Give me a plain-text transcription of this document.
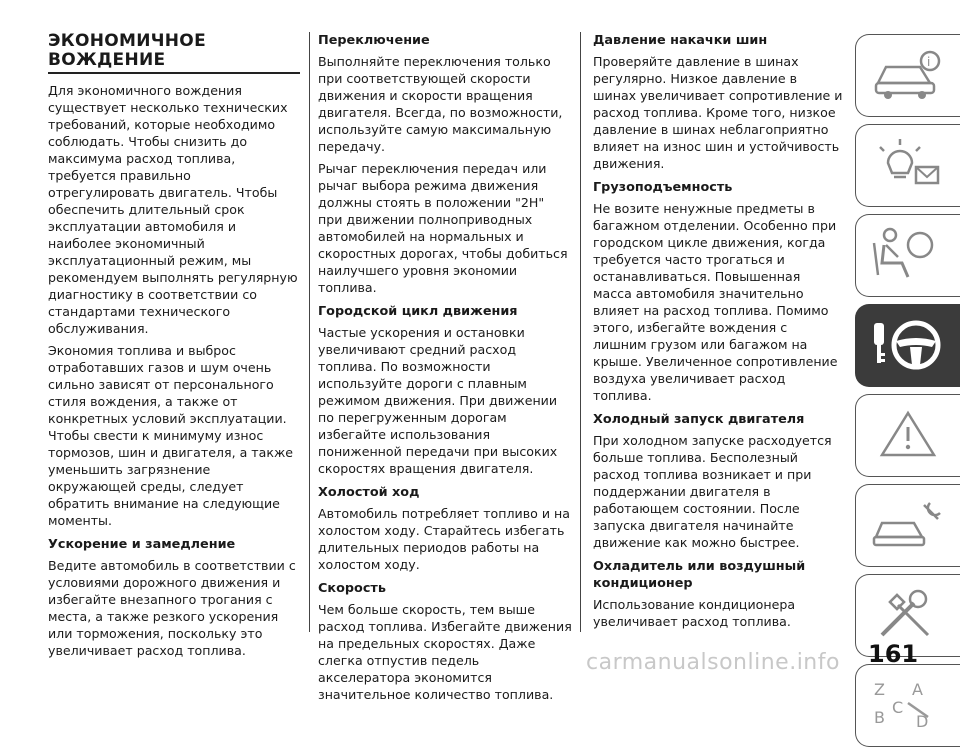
ЭКОНОМИЧНОЕ
ВОЖДЕНИЕ

Для экономичного вождения существует несколько технических требований, которые необходимо соблюдать. Чтобы снизить до максимума расход топлива, требуется правильно отрегулировать двигатель. Чтобы обеспечить длительный срок эксплуатации автомобиля и наиболее экономичный эксплуатационный режим, мы рекомендуем выполнять регулярную диагностику в соответствии со стандартами технического обслуживания.

Экономия топлива и выброс отработавших газов и шум очень сильно зависят от персонального стиля вождения, а также от конкретных условий эксплуатации. Чтобы свести к минимуму износ тормозов, шин и двигателя, а также уменьшить загрязнение окружающей среды, следует обратить внимание на следующие моменты.

Ускорение и замедление

Ведите автомобиль в соответствии с условиями дорожного движения и избегайте внезапного трогания с места, а также резкого ускорения или торможения, поскольку это увеличивает расход топлива.

Переключение

Выполняйте переключения только при соответствующей скорости движения и скорости вращения двигателя. Всегда, по возможности, используйте самую максимальную передачу.

Рычаг переключения передач или рычаг выбора режима движения должны стоять в положении "2H" при движении полноприводных автомобилей на нормальных и скоростных дорогах, чтобы добиться наилучшего уровня экономии топлива.

Городской цикл движения

Частые ускорения и остановки увеличивают средний расход топлива. По возможности используйте дороги с плавным режимом движения. При движении по перегруженным дорогам избегайте использования пониженной передачи при высоких скоростях вращения двигателя.

Холостой ход

Автомобиль потребляет топливо и на холостом ходу. Старайтесь избегать длительных периодов работы на холостом ходу.

Скорость

Чем больше скорость, тем выше расход топлива. Избегайте движения на предельных скоростях. Даже слегка отпустив педель акселератора экономится значительное количество топлива.

Давление накачки шин

Проверяйте давление в шинах регулярно. Низкое давление в шинах увеличивает сопротивление и расход топлива. Кроме того, низкое давление в шинах неблагоприятно влияет на износ шин и устойчивость движения.

Грузоподъемность

Не возите ненужные предметы в багажном отделении. Особенно при городском цикле движения, когда требуется часто трогаться и останавливаться. Повышенная масса автомобиля значительно влияет на расход топлива. Помимо этого, избегайте вождения с лишним грузом или багажом на крыше. Увеличенное сопротивление воздуха увеличивает расход топлива.

Холодный запуск двигателя

При холодном запуске расходуется больше топлива. Бесполезный расход топлива возникает и при поддержании двигателя в работающем состоянии. После запуска двигателя начинайте движение как можно быстрее.

Охладитель или воздушный кондиционер

Использование кондиционера увеличивает расход топлива.

i
Z A
B D
C
161
carmanualsonline.info
